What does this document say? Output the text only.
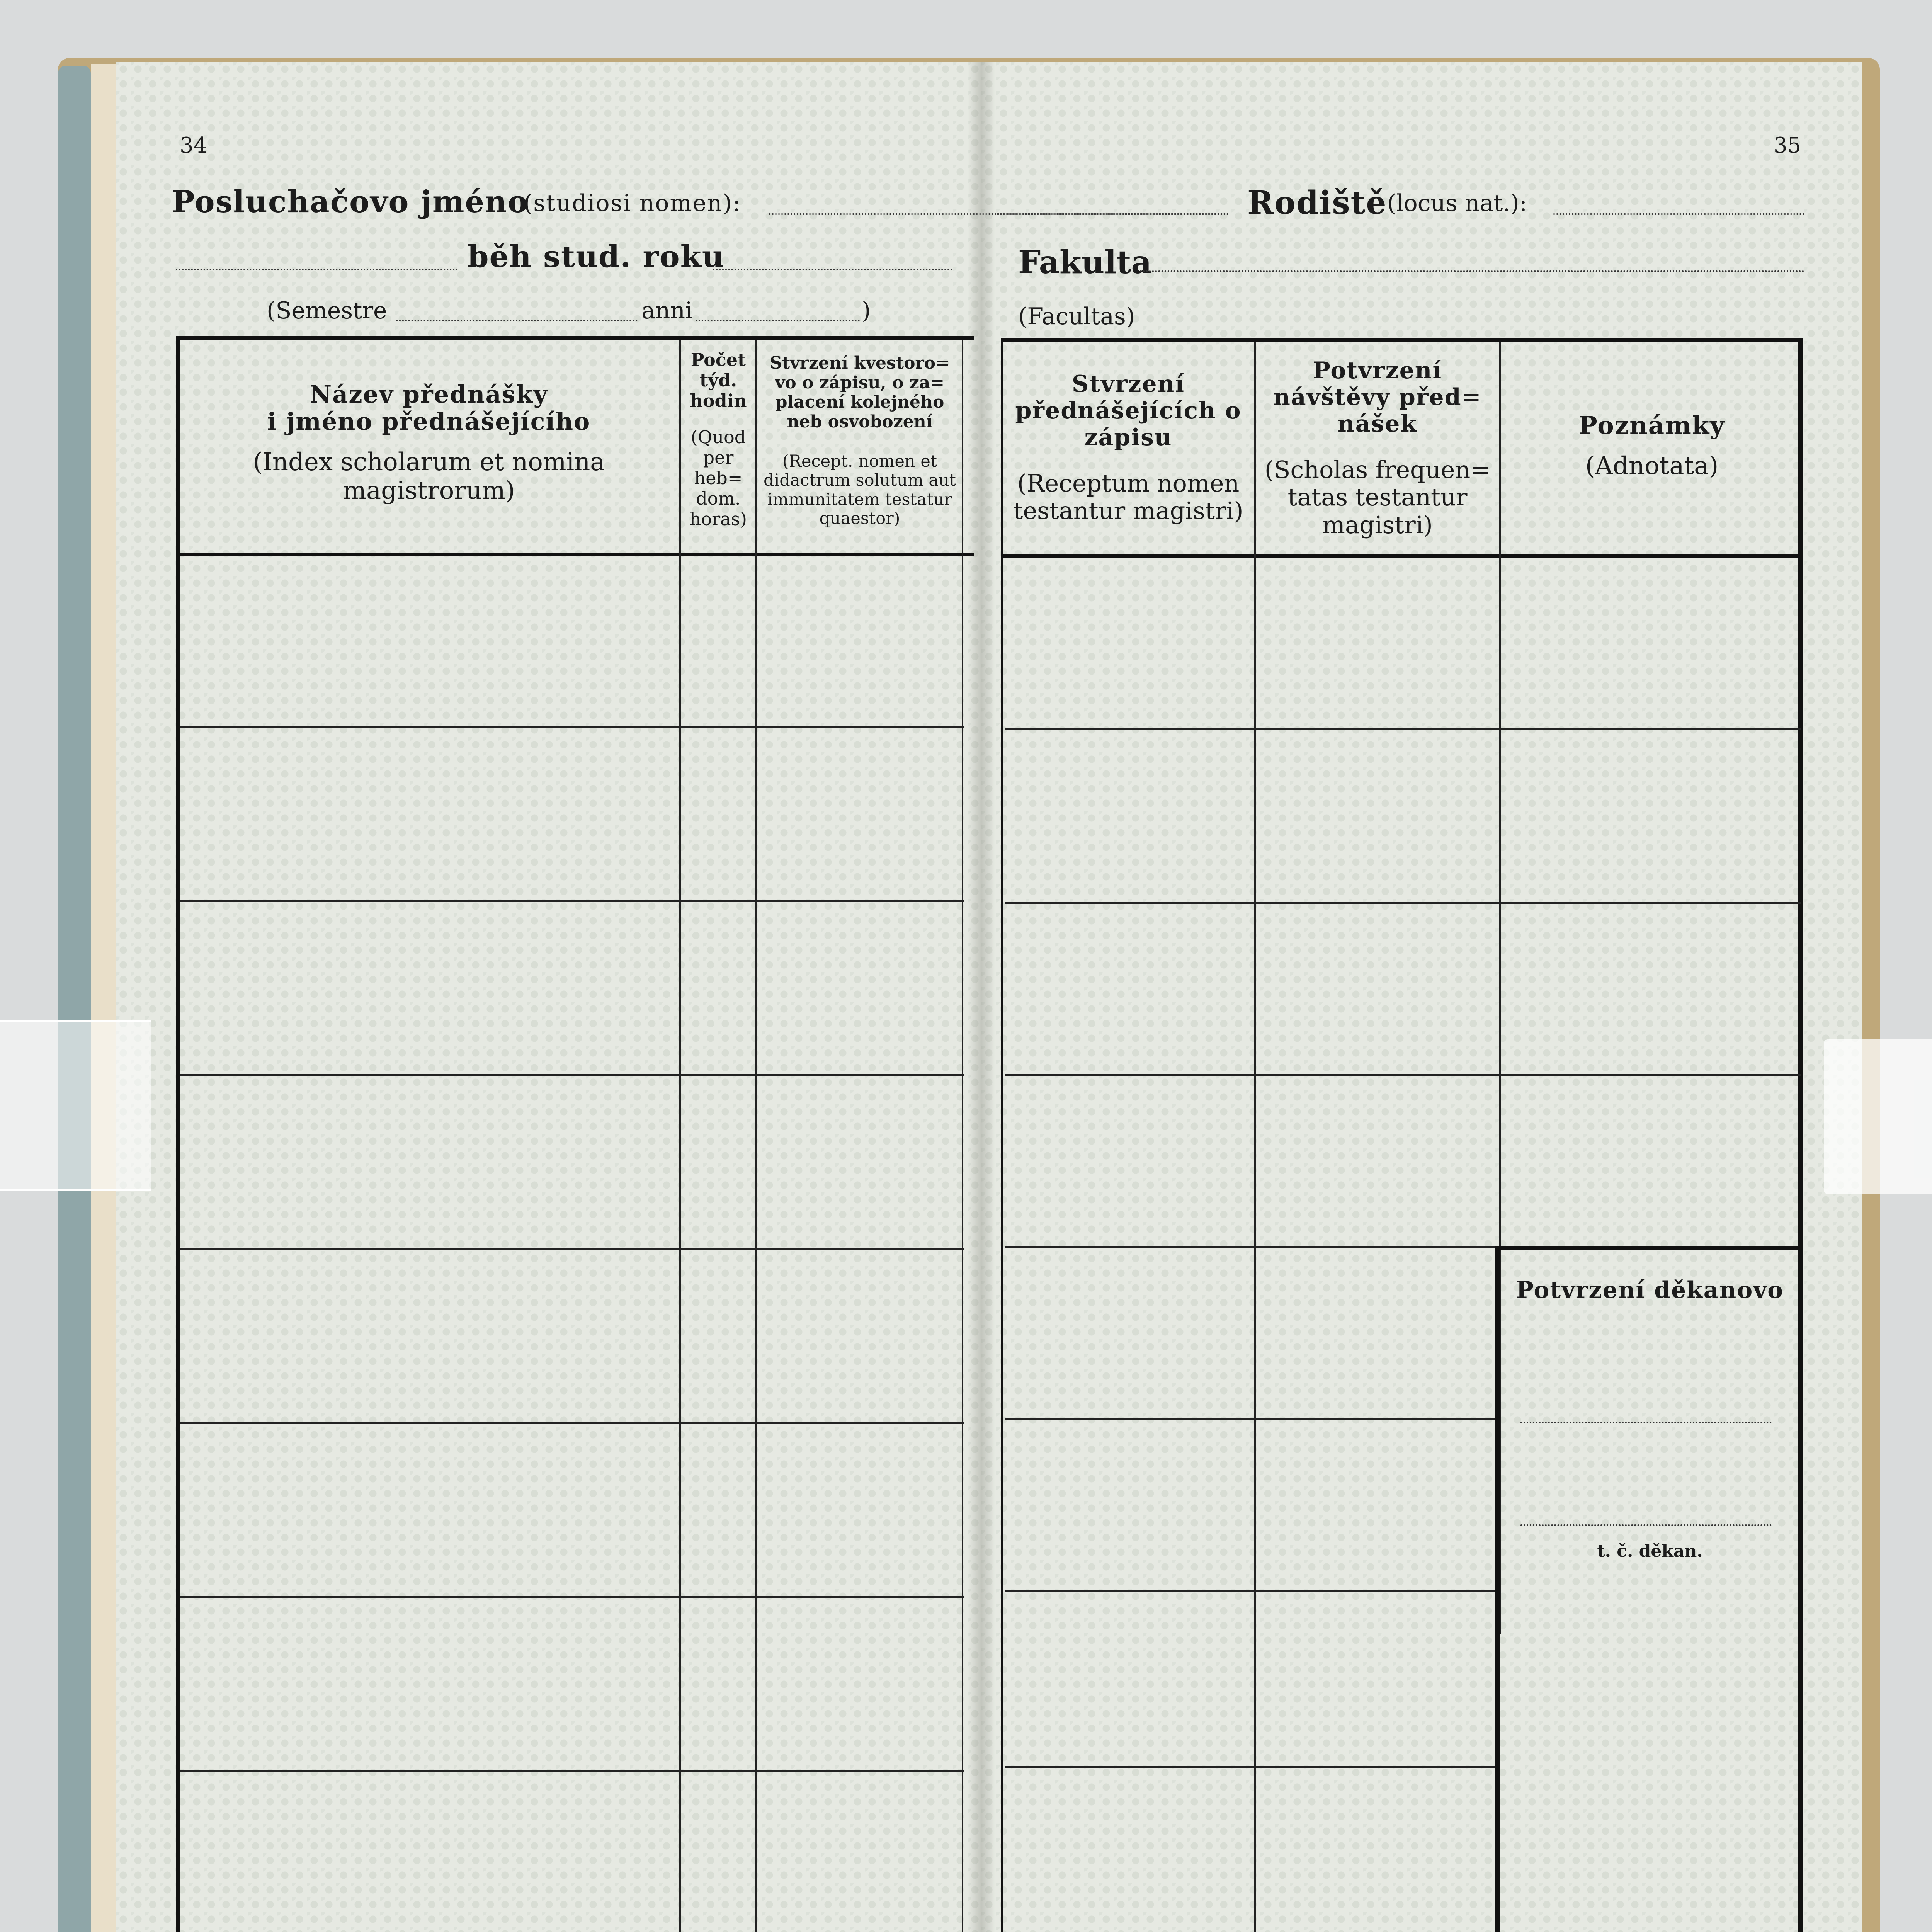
34
Posluchačovo jméno
(studiosi nomen):
běh stud. roku
(Semestre	anni	)
35
Rodiště (locus nat.):
Fakulta
(Facultas)
Název přednášky
i jméno přednášejícího
(Index scholarum et nomina magistrorum)
Počet týd. hodin
(Quod per heb= dom. horas)
Stvrzení kvestoro= vo o zápisu, o za= placení kolejného neb osvobození
(Recept. nomen et didactrum solutum aut immunitatem testatur quaestor)
Stvrzení přednášejících o zápisu
(Receptum nomen testantur magistri)
Potvrzení návštěvy před= nášek
(Scholas frequen= tatas testantur magistri)
Poznámky
(Adnotata)
Potvrzení děkanovo
t. č. děkan.
